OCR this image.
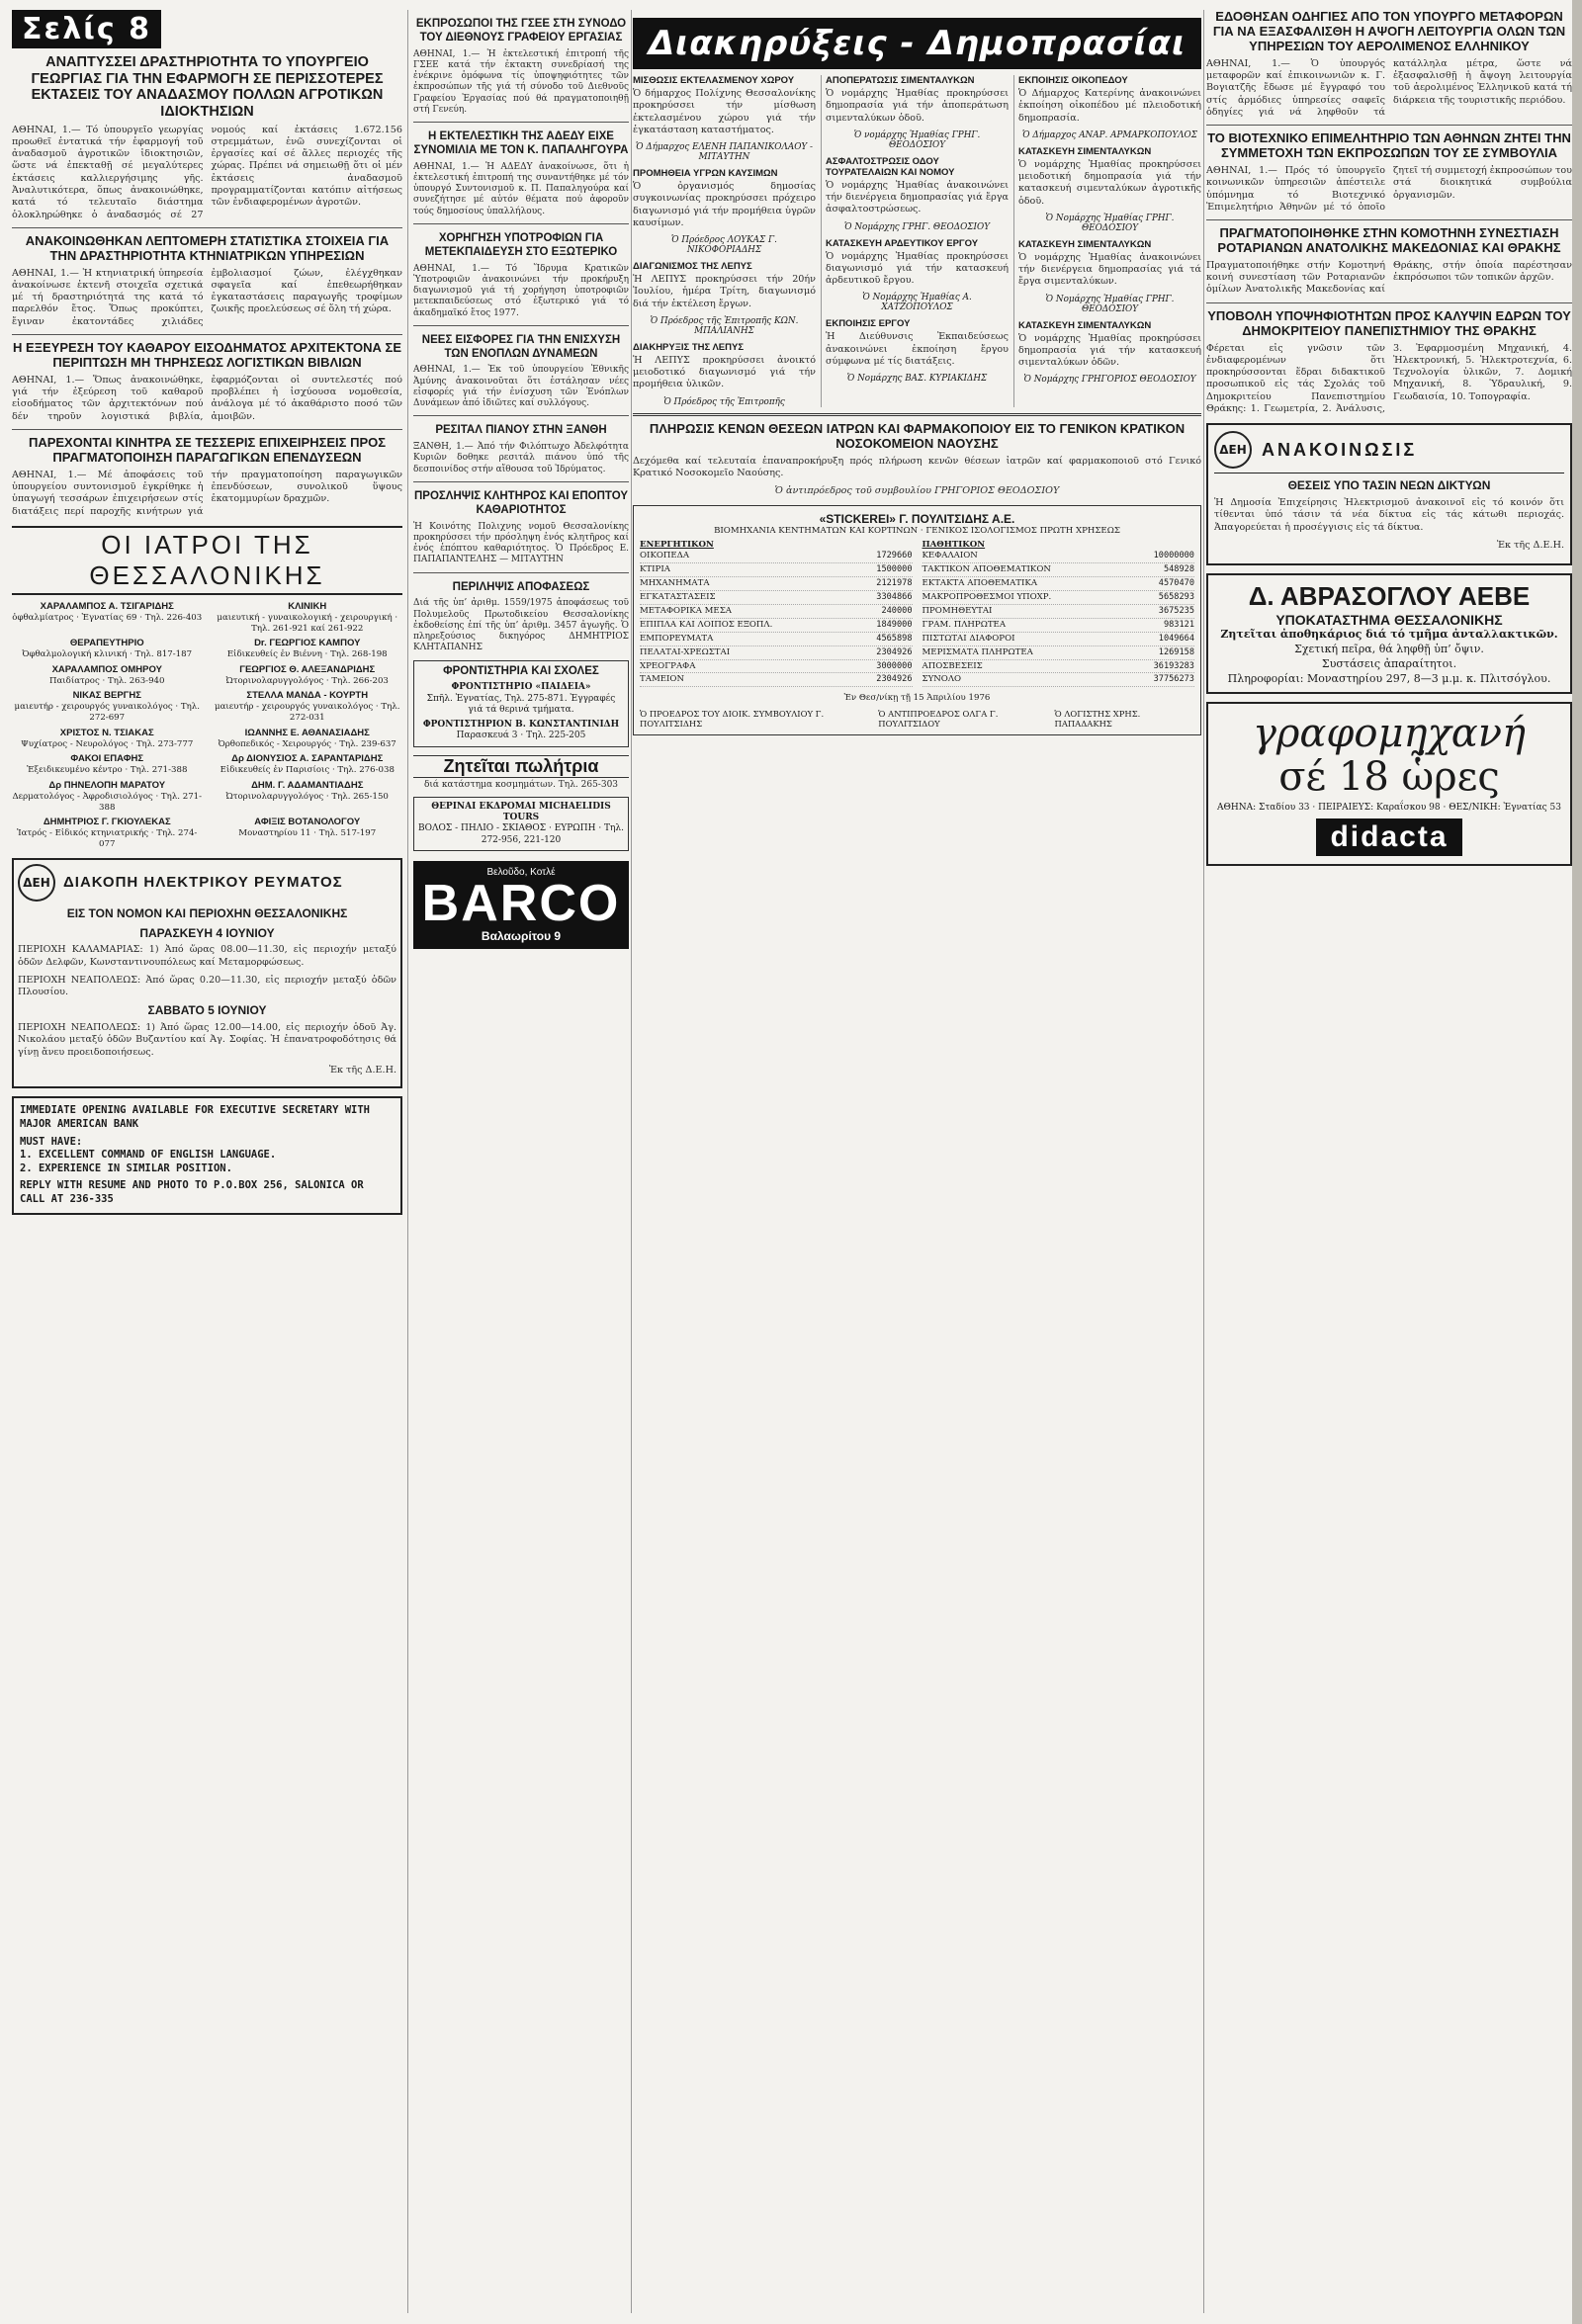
Σελίς 8
ΑΝΑΠΤΥΣΣΕΙ ΔΡΑΣΤΗΡΙΟΤΗΤΑ ΤΟ ΥΠΟΥΡΓΕΙΟ ΓΕΩΡΓΙΑΣ ΓΙΑ ΤΗΝ ΕΦΑΡΜΟΓΗ ΣΕ ΠΕΡΙΣΣΟΤΕΡΕΣ ΕΚΤΑΣΕΙΣ ΤΟΥ ΑΝΑΔΑΣΜΟΥ ΠΟΛΛΩΝ ΑΓΡΟΤΙΚΩΝ ΙΔΙΟΚΤΗΣΙΩΝ
ΑΘΗΝΑΙ, 1.— Τό ὑπουργεῖο γεωργίας προωθεῖ ἐντατικά τήν ἐφαρμογή τοῦ ἀναδασμοῦ ἀγροτικῶν ἰδιοκτησιῶν, ὥστε νά ἐπεκταθῇ σέ μεγαλύτερες ἐκτάσεις καλλιεργήσιμης γῆς. Ἀναλυτικότερα, ὅπως ἀνακοινώθηκε, κατά τό τελευταῖο διάστημα ὁλοκληρώθηκε ὁ ἀναδασμός σέ 27 νομούς καί ἐκτάσεις 1.672.156 στρεμμάτων, ἐνῶ συνεχίζονται οἱ ἐργασίες καί σέ ἄλλες περιοχές τῆς χώρας. Πρέπει νά σημειωθῇ ὅτι οἱ μέν ἐκτάσεις ἀναδασμοῦ προγραμματίζονται κατόπιν αἰτήσεως τῶν ἐνδιαφερομένων ἀγροτῶν.
ΑΝΑΚΟΙΝΩΘΗΚΑΝ ΛΕΠΤΟΜΕΡΗ ΣΤΑΤΙΣΤΙΚΑ ΣΤΟΙΧΕΙΑ ΓΙΑ ΤΗΝ ΔΡΑΣΤΗΡΙΟΤΗΤΑ ΚΤΗΝΙΑΤΡΙΚΩΝ ΥΠΗΡΕΣΙΩΝ
ΑΘΗΝΑΙ, 1.— Ἡ κτηνιατρική ὑπηρεσία ἀνακοίνωσε ἐκτενῆ στοιχεῖα σχετικά μέ τή δραστηριότητά της κατά τό παρελθόν ἔτος. Ὅπως προκύπτει, ἔγιναν ἐκατοντάδες χιλιάδες ἐμβολιασμοί ζώων, ἐλέγχθηκαν σφαγεῖα καί ἐπεθεωρήθηκαν ἐγκαταστάσεις παραγωγῆς τροφίμων ζωικῆς προελεύσεως σέ ὅλη τή χώρα.
Η ΕΞΕΥΡΕΣΗ ΤΟΥ ΚΑΘΑΡΟΥ ΕΙΣΟΔΗΜΑΤΟΣ ΑΡΧΙΤΕΚΤΟΝΑ ΣΕ ΠΕΡΙΠΤΩΣΗ ΜΗ ΤΗΡΗΣΕΩΣ ΛΟΓΙΣΤΙΚΩΝ ΒΙΒΛΙΩΝ
ΑΘΗΝΑΙ, 1.— Ὅπως ἀνακοινώθηκε, γιά τήν ἐξεύρεση τοῦ καθαροῦ εἰσοδήματος τῶν ἀρχιτεκτόνων πού δέν τηροῦν λογιστικά βιβλία, ἐφαρμόζονται οἱ συντελεστές πού προβλέπει ἡ ἰσχύουσα νομοθεσία, ἀνάλογα μέ τό ἀκαθάριστο ποσό τῶν ἀμοιβῶν.
ΠΑΡΕΧΟΝΤΑΙ ΚΙΝΗΤΡΑ ΣΕ ΤΕΣΣΕΡΙΣ ΕΠΙΧΕΙΡΗΣΕΙΣ ΠΡΟΣ ΠΡΑΓΜΑΤΟΠΟΙΗΣΗ ΠΑΡΑΓΩΓΙΚΩΝ ΕΠΕΝΔΥΣΕΩΝ
ΑΘΗΝΑΙ, 1.— Μέ ἀποφάσεις τοῦ ὑπουργείου συντονισμοῦ ἐγκρίθηκε ἡ ὑπαγωγή τεσσάρων ἐπιχειρήσεων στίς διατάξεις περί παροχῆς κινήτρων γιά τήν πραγματοποίηση παραγωγικῶν ἐπενδύσεων, συνολικοῦ ὕψους ἑκατομμυρίων δραχμῶν.
ΟΙ ΙΑΤΡΟΙ ΤΗΣ ΘΕΣΣΑΛΟΝΙΚΗΣ
ΧΑΡΑΛΑΜΠΟΣ Α. ΤΣΙΓΑΡΙΔΗΣ
ὀφθαλμίατρος · Ἐγνατίας 69 · Τηλ. 226-403
ΚΛΙΝΙΚΗ
μαιευτική - γυναικολογική - χειρουργική · Τηλ. 261-921 καί 261-922
ΘΕΡΑΠΕΥΤΗΡΙΟ
Ὀφθαλμολογική κλινική · Τηλ. 817-187
Dr. ΓΕΩΡΓΙΟΣ ΚΑΜΠΟΥ
Εἰδικευθείς ἐν Βιέννη · Τηλ. 268-198
ΧΑΡΑΛΑΜΠΟΣ ΟΜΗΡΟΥ
Παιδίατρος · Τηλ. 263-940
ΓΕΩΡΓΙΟΣ Θ. ΑΛΕΞΑΝΔΡΙΔΗΣ
Ὠτορινολαρυγγολόγος · Τηλ. 266-203
ΝΙΚΑΣ ΒΕΡΓΗΣ
μαιευτήρ - χειρουργός γυναικολόγος · Τηλ. 272-697
ΣΤΕΛΛΑ ΜΑΝΔΑ - ΚΟΥΡΤΗ
μαιευτήρ - χειρουργός γυναικολόγος · Τηλ. 272-031
ΧΡΙΣΤΟΣ Ν. ΤΣΙΑΚΑΣ
Ψυχίατρος - Νευρολόγος · Τηλ. 273-777
ΙΩΑΝΝΗΣ Ε. ΑΘΑΝΑΣΙΑΔΗΣ
Ὀρθοπεδικός - Χειρουργός · Τηλ. 239-637
ΦΑΚΟΙ ΕΠΑΦΗΣ
Ἐξειδικευμένο κέντρο · Τηλ. 271-388
Δρ ΔΙΟΝΥΣΙΟΣ Α. ΣΑΡΑΝΤΑΡΙΔΗΣ
Εἰδικευθείς ἐν Παρισίοις · Τηλ. 276-038
Δρ ΠΗΝΕΛΟΠΗ ΜΑΡΑΤΟΥ
Δερματολόγος - Ἀφροδισιολόγος · Τηλ. 271-388
ΔΗΜ. Γ. ΑΔΑΜΑΝΤΙΑΔΗΣ
Ὠτορινολαρυγγολόγος · Τηλ. 265-150
ΔΗΜΗΤΡΙΟΣ Γ. ΓΚΙΟΥΛΕΚΑΣ
Ἰατρός - Εἰδικός κτηνιατρικής · Τηλ. 274-077
ΑΦΙΞΙΣ ΒΟΤΑΝΟΛΟΓΟΥ
Μοναστηρίου 11 · Τηλ. 517-197
ΔΕΗ ΔΙΑΚΟΠΗ ΗΛΕΚΤΡΙΚΟΥ ΡΕΥΜΑΤΟΣ
ΕΙΣ ΤΟΝ ΝΟΜΟΝ ΚΑΙ ΠΕΡΙΟΧΗΝ ΘΕΣΣΑΛΟΝΙΚΗΣ
ΠΑΡΑΣΚΕΥΗ 4 ΙΟΥΝΙΟΥ
ΠΕΡΙΟΧΗ ΚΑΛΑΜΑΡΙΑΣ: 1) Ἀπό ὥρας 08.00—11.30, εἰς περιοχήν μεταξύ ὁδῶν Δελφῶν, Κωνσταντινουπόλεως καί Μεταμορφώσεως.
ΠΕΡΙΟΧΗ ΝΕΑΠΟΛΕΩΣ: Ἀπό ὥρας 0.20—11.30, εἰς περιοχήν μεταξύ ὁδῶν Πλουσίου.
ΣΑΒΒΑΤΟ 5 ΙΟΥΝΙΟΥ
ΠΕΡΙΟΧΗ ΝΕΑΠΟΛΕΩΣ: 1) Ἀπό ὥρας 12.00—14.00, εἰς περιοχήν ὁδοῦ Ἀγ. Νικολάου μεταξύ ὁδῶν Βυζαντίου καί Ἀγ. Σοφίας. Ἡ ἐπανατροφοδότησις θά γίνῃ ἄνευ προειδοποιήσεως.
Ἐκ τῆς Δ.Ε.Η.
IMMEDIATE OPENING AVAILABLE FOR EXECUTIVE SECRETARY WITH MAJOR AMERICAN BANK
MUST HAVE:
1. EXCELLENT COMMAND OF ENGLISH LANGUAGE.
2. EXPERIENCE IN SIMILAR POSITION.
REPLY WITH RESUME AND PHOTO TO P.O.BOX 256, SALONICA OR CALL AT 236-335
ΕΚΠΡΟΣΩΠΟΙ ΤΗΣ ΓΣΕΕ ΣΤΗ ΣΥΝΟΔΟ ΤΟΥ ΔΙΕΘΝΟΥΣ ΓΡΑΦΕΙΟΥ ΕΡΓΑΣΙΑΣ
ΑΘΗΝΑΙ, 1.— Ἡ ἐκτελεστική ἐπιτροπή τῆς ΓΣΕΕ κατά τήν ἐκτακτη συνεδρίασή της ἐνέκρινε ὁμόφωνα τίς ὑποψηφιότητες τῶν ἐκπροσώπων τῆς γιά τή σύνοδο τοῦ Διεθνοῦς Γραφείου Ἐργασίας πού θά πραγματοποιηθῇ στή Γενεύη.
Η ΕΚΤΕΛΕΣΤΙΚΗ ΤΗΣ ΑΔΕΔΥ ΕΙΧΕ ΣΥΝΟΜΙΛΙΑ ΜΕ ΤΟΝ Κ. ΠΑΠΑΛΗΓΟΥΡΑ
ΑΘΗΝΑΙ, 1.— Ἡ ΑΔΕΔΥ ἀνακοίνωσε, ὅτι ἡ ἐκτελεστική ἐπιτροπή της συναντήθηκε μέ τόν ὑπουργό Συντονισμοῦ κ. Π. Παπαληγούρα καί συνεζήτησε μέ αὐτόν θέματα πού ἀφοροῦν τούς δημοσίους ὑπαλλήλους.
ΧΟΡΗΓΗΣΗ ΥΠΟΤΡΟΦΙΩΝ ΓΙΑ ΜΕΤΕΚΠΑΙΔΕΥΣΗ ΣΤΟ ΕΞΩΤΕΡΙΚΟ
ΑΘΗΝΑΙ, 1.— Τό Ἵδρυμα Κρατικῶν Ὑποτροφιῶν ἀνακοινώνει τήν προκήρυξη διαγωνισμοῦ γιά τή χορήγηση ὑποτροφιῶν μετεκπαιδεύσεως στό ἐξωτερικό γιά τό ἀκαδημαϊκό ἔτος 1977.
ΝΕΕΣ ΕΙΣΦΟΡΕΣ ΓΙΑ ΤΗΝ ΕΝΙΣΧΥΣΗ ΤΩΝ ΕΝΟΠΛΩΝ ΔΥΝΑΜΕΩΝ
ΑΘΗΝΑΙ, 1.— Ἐκ τοῦ ὑπουργείου Ἐθνικῆς Ἀμύνης ἀνακοινοῦται ὅτι ἐστάλησαν νέες εἰσφορές γιά τήν ἐνίσχυση τῶν Ἐνόπλων Δυνάμεων ἀπό ἰδιῶτες καί συλλόγους.
ΡΕΣΙΤΑΛ ΠΙΑΝΟΥ ΣΤΗΝ ΞΑΝΘΗ
ΞΑΝΘΗ, 1.— Ἀπό τήν Φιλόπτωχο Ἀδελφότητα Κυριῶν δοθηκε ρεσιτάλ πιάνου ὑπό τῆς δεσποινίδος στήν αἴθουσα τοῦ Ἰδρύματος.
ΠΡΟΣΛΗΨΙΣ ΚΛΗΤΗΡΟΣ ΚΑΙ ΕΠΟΠΤΟΥ ΚΑΘΑΡΙΟΤΗΤΟΣ
Ἡ Κοινότης Πολιχνης νομοῦ Θεσσαλονίκης προκηρύσσει τήν πρόσληψη ἑνός κλητῆρος καί ἑνός ἐπόπτου καθαριότητος. Ὁ Πρόεδρος Ε. ΠΑΠΑΠΑΝΤΕΛΗΣ — ΜΙΤΑΥΤΗΝ
ΠΕΡΙΛΗΨΙΣ ΑΠΟΦΑΣΕΩΣ
Διά τῆς ὑπ’ ἀριθμ. 1559/1975 ἀποφάσεως τοῦ Πολυμελοῦς Πρωτοδικείου Θεσσαλονίκης ἐκδοθείσης ἐπί τῆς ὑπ’ ἀριθμ. 3457 ἀγωγῆς. Ὁ πληρεξούσιος δικηγόρος ΔΗΜΗΤΡΙΟΣ ΚΛΗΤΑΠΑΝΗΣ
ΦΡΟΝΤΙΣΤΗΡΙΑ ΚΑΙ ΣΧΟΛΕΣ
ΦΡΟΝΤΙΣΤΗΡΙΟ «ΠΑΙΔΕΙΑ»
Σπῆλ. Ἑγνατίας, Τηλ. 275-871. Ἐγγραφές γιά τά θερινά τμήματα.
ΦΡΟΝΤΙΣΤΗΡΙΟΝ Β. ΚΩΝΣΤΑΝΤΙΝΙΔΗ
Παρασκευά 3 · Τηλ. 225-205
Ζητεῖται πωλήτρια
διά κατάστημα κοσμημάτων. Τηλ. 265-303
ΘΕΡΙΝΑΙ ΕΚΔΡΟΜΑΙ MICHAELIDIS TOURS
ΒΟΛΟΣ - ΠΗΛΙΟ - ΣΚΙΑΘΟΣ · ΕΥΡΩΠΗ · Τηλ. 272-956, 221-120
Βελοῦδο, Κοτλέ
BARCO
Βαλαωρίτου 9
Διακηρύξεις - Δημοπρασίαι
ΜΙΣΘΩΣΙΣ ΕΚΤΕΛΑΣΜΕΝΟΥ ΧΩΡΟΥ
Ὁ δήμαρχος Πολίχνης Θεσσαλονίκης προκηρύσσει τήν μίσθωση ἐκτελασμένου χώρου γιά τήν ἐγκατάσταση καταστήματος.
Ὁ Δήμαρχος ΕΛΕΝΗ ΠΑΠΑΝΙΚΟΛΑΟΥ - ΜΙΤΑΥΤΗΝ
ΠΡΟΜΗΘΕΙΑ ΥΓΡΩΝ ΚΑΥΣΙΜΩΝ
Ὁ ὀργανισμός δημοσίας συγκοινωνίας προκηρύσσει πρόχειρο διαγωνισμό γιά τήν προμήθεια ὑγρῶν καυσίμων.
Ὁ Πρόεδρος ΛΟΥΚΑΣ Γ. ΝΙΚΟΦΟΡΙΑΔΗΣ
ΔΙΑΓΩΝΙΣΜΟΣ ΤΗΣ ΛΕΠΥΣ
Ἡ ΛΕΠΥΣ προκηρύσσει τήν 20ήν Ἰουλίου, ἡμέρα Τρίτη, διαγωνισμό διά τήν ἐκτέλεση ἔργων.
Ὁ Πρόεδρος τῆς Ἐπιτροπῆς ΚΩΝ. ΜΠΑΛΙΑΝΗΣ
ΔΙΑΚΗΡΥΞΙΣ ΤΗΣ ΛΕΠΥΣ
Ἡ ΛΕΠΥΣ προκηρύσσει ἀνοικτό μειοδοτικό διαγωνισμό γιά τήν προμήθεια ὑλικῶν.
Ὁ Πρόεδρος τῆς Ἐπιτροπῆς
ΑΠΟΠΕΡΑΤΩΣΙΣ ΣΙΜΕΝΤΑΛΥΚΩΝ
Ὁ νομάρχης Ἠμαθίας προκηρύσσει δημοπρασία γιά τήν ἀποπεράτωση σιμενταλύκων ὁδοῦ.
Ὁ νομάρχης Ἠμαθίας ΓΡΗΓ. ΘΕΟΔΟΣΙΟΥ
ΑΣΦΑΛΤΟΣΤΡΩΣΙΣ ΟΔΟΥ ΤΟΥΡΑΤΕΛΑΙΩΝ ΚΑΙ ΝΟΜΟΥ
Ὁ νομάρχης Ἠμαθίας ἀνακοινώνει τήν διενέργεια δημοπρασίας γιά ἔργα ἀσφαλτοστρώσεως.
Ὁ Νομάρχης ΓΡΗΓ. ΘΕΟΔΟΣΙΟΥ
ΚΑΤΑΣΚΕΥΗ ΑΡΔΕΥΤΙΚΟΥ ΕΡΓΟΥ
Ὁ νομάρχης Ἠμαθίας προκηρύσσει διαγωνισμό γιά τήν κατασκευή ἀρδευτικοῦ ἔργου.
Ὁ Νομάρχης Ἠμαθίας Α. ΧΑΤΖΟΠΟΥΛΟΣ
ΕΚΠΟΙΗΣΙΣ ΕΡΓΟΥ
Ἡ Διεύθυνσις Ἐκπαιδεύσεως ἀνακοινώνει ἐκποίηση ἔργου σύμφωνα μέ τίς διατάξεις.
Ὁ Νομάρχης ΒΑΣ. ΚΥΡΙΑΚΙΔΗΣ
ΕΚΠΟΙΗΣΙΣ ΟΙΚΟΠΕΔΟΥ
Ὁ Δήμαρχος Κατερίνης ἀνακοινώνει ἐκποίηση οἰκοπέδου μέ πλειοδοτική δημοπρασία.
Ὁ Δήμαρχος ΑΝΑΡ. ΑΡΜΑΡΚΟΠΟΥΛΟΣ
ΚΑΤΑΣΚΕΥΗ ΣΙΜΕΝΤΑΛΥΚΩΝ
Ὁ νομάρχης Ἠμαθίας προκηρύσσει μειοδοτική δημοπρασία γιά τήν κατασκευή σιμενταλύκων ἀγροτικῆς ὁδοῦ.
Ὁ Νομάρχης Ἠμαθίας ΓΡΗΓ. ΘΕΟΔΟΣΙΟΥ
ΚΑΤΑΣΚΕΥΗ ΣΙΜΕΝΤΑΛΥΚΩΝ
Ὁ νομάρχης Ἠμαθίας ἀνακοινώνει τήν διενέργεια δημοπρασίας γιά τά ἔργα σιμενταλύκων.
Ὁ Νομάρχης Ἠμαθίας ΓΡΗΓ. ΘΕΟΔΟΣΙΟΥ
ΚΑΤΑΣΚΕΥΗ ΣΙΜΕΝΤΑΛΥΚΩΝ
Ὁ νομάρχης Ἠμαθίας προκηρύσσει δημοπρασία γιά τήν κατασκευή σιμενταλύκων ὁδῶν.
Ὁ Νομάρχης ΓΡΗΓΟΡΙΟΣ ΘΕΟΔΟΣΙΟΥ
ΠΛΗΡΩΣΙΣ ΚΕΝΩΝ ΘΕΣΕΩΝ ΙΑΤΡΩΝ ΚΑΙ ΦΑΡΜΑΚΟΠΟΙΟΥ ΕΙΣ ΤΟ ΓΕΝΙΚΟΝ ΚΡΑΤΙΚΟΝ ΝΟΣΟΚΟΜΕΙΟΝ ΝΑΟΥΣΗΣ
Δεχόμεθα καί τελευταία ἐπαναπροκήρυξη πρός πλήρωση κενῶν θέσεων ἰατρῶν καί φαρμακοποιοῦ στό Γενικό Κρατικό Νοσοκομεῖο Ναούσης.
Ὁ ἀντιπρόεδρος τοῦ συμβουλίου ΓΡΗΓΟΡΙΟΣ ΘΕΟΔΟΣΙΟΥ
«STICKEREI» Γ. ΠΟΥΛΙΤΣΙΔΗΣ Α.Ε.
ΒΙΟΜΗΧΑΝΙΑ ΚΕΝΤΗΜΑΤΩΝ ΚΑΙ ΚΟΡΤΙΝΩΝ · ΓΕΝΙΚΟΣ ΙΣΟΛΟΓΙΣΜΟΣ ΠΡΩΤΗ ΧΡΗΣΕΩΣ
ΕΝΕΡΓΗΤΙΚΟΝ
ΟΙΚΟΠΕΔΑ	1729660
ΚΤΙΡΙΑ	1500000
ΜΗΧΑΝΗΜΑΤΑ	2121978
ΕΓΚΑΤΑΣΤΑΣΕΙΣ	3304866
ΜΕΤΑΦΟΡΙΚΑ ΜΕΣΑ	240000
ΕΠΙΠΛΑ ΚΑΙ ΛΟΙΠΟΣ ΕΞΟΠΛ.	1849000
ΕΜΠΟΡΕΥΜΑΤΑ	4565898
ΠΕΛΑΤΑΙ-ΧΡΕΩΣΤΑΙ	2304926
ΧΡΕΟΓΡΑΦΑ	3000000
ΤΑΜΕΙΟΝ	2304926
ΠΑΘΗΤΙΚΟΝ
ΚΕΦΑΛΑΙΟΝ	10000000
ΤΑΚΤΙΚΟΝ ΑΠΟΘΕΜΑΤΙΚΟΝ	548928
ΕΚΤΑΚΤΑ ΑΠΟΘΕΜΑΤΙΚΑ	4570470
ΜΑΚΡΟΠΡΟΘΕΣΜΟΙ ΥΠΟΧΡ.	5658293
ΠΡΟΜΗΘΕΥΤΑΙ	3675235
ΓΡΑΜ. ΠΛΗΡΩΤΕΑ	983121
ΠΙΣΤΩΤΑΙ ΔΙΑΦΟΡΟΙ	1049664
ΜΕΡΙΣΜΑΤΑ ΠΛΗΡΩΤΕΑ	1269158
ΑΠΟΣΒΕΣΕΙΣ	36193283
ΣΥΝΟΛΟ	37756273
Ἐν Θεσ/νίκῃ τῇ 15 Ἀπριλίου 1976
Ὁ ΠΡΟΕΔΡΟΣ ΤΟΥ ΔΙΟΙΚ. ΣΥΜΒΟΥΛΙΟΥ Γ. ΠΟΥΛΙΤΣΙΔΗΣ
Ὁ ΑΝΤΙΠΡΟΕΔΡΟΣ ΟΛΓΑ Γ. ΠΟΥΛΙΤΣΙΔΟΥ
Ὁ ΛΟΓΙΣΤΗΣ ΧΡΗΣ. ΠΑΠΑΔΑΚΗΣ
ΕΔΟΘΗΣΑΝ ΟΔΗΓΙΕΣ ΑΠΟ ΤΟΝ ΥΠΟΥΡΓΟ ΜΕΤΑΦΟΡΩΝ ΓΙΑ ΝΑ ΕΞΑΣΦΑΛΙΣΘΗ Η ΑΨΟΓΗ ΛΕΙΤΟΥΡΓΙΑ ΟΛΩΝ ΤΩΝ ΥΠΗΡΕΣΙΩΝ ΤΟΥ ΑΕΡΟΛΙΜΕΝΟΣ ΕΛΛΗΝΙΚΟΥ
ΑΘΗΝΑΙ, 1.— Ὁ ὑπουργός μεταφορῶν καί ἐπικοινωνιῶν κ. Γ. Βογιατζῆς ἔδωσε μέ ἔγγραφό του στίς ἁρμόδιες ὑπηρεσίες σαφεῖς ὁδηγίες γιά νά ληφθοῦν τά κατάλληλα μέτρα, ὥστε νά ἐξασφαλισθῇ ἡ ἄψογη λειτουργία τοῦ ἀερολιμένος Ἑλληνικοῦ κατά τή διάρκεια τῆς τουριστικῆς περιόδου.
ΤΟ ΒΙΟΤΕΧΝΙΚΟ ΕΠΙΜΕΛΗΤΗΡΙΟ ΤΩΝ ΑΘΗΝΩΝ ΖΗΤΕΙ ΤΗΝ ΣΥΜΜΕΤΟΧΗ ΤΩΝ ΕΚΠΡΟΣΩΠΩΝ ΤΟΥ ΣΕ ΣΥΜΒΟΥΛΙΑ
ΑΘΗΝΑΙ, 1.— Πρός τό ὑπουργεῖο κοινωνικῶν ὑπηρεσιῶν ἀπέστειλε ὑπόμνημα τό Βιοτεχνικό Ἐπιμελητήριο Ἀθηνῶν μέ τό ὁποῖο ζητεῖ τή συμμετοχή ἐκπροσώπων του στά διοικητικά συμβούλια ὀργανισμῶν.
ΠΡΑΓΜΑΤΟΠΟΙΗΘΗΚΕ ΣΤΗΝ ΚΟΜΟΤΗΝΗ ΣΥΝΕΣΤΙΑΣΗ ΡΟΤΑΡΙΑΝΩΝ ΑΝΑΤΟΛΙΚΗΣ ΜΑΚΕΔΟΝΙΑΣ ΚΑΙ ΘΡΑΚΗΣ
Πραγματοποιήθηκε στήν Κομοτηνή κοινή συνεστίαση τῶν Ροταριανῶν ὁμίλων Ἀνατολικῆς Μακεδονίας καί Θράκης, στήν ὁποία παρέστησαν ἐκπρόσωποι τῶν τοπικῶν ἀρχῶν.
ΥΠΟΒΟΛΗ ΥΠΟΨΗΦΙΟΤΗΤΩΝ ΠΡΟΣ ΚΑΛΥΨΙΝ ΕΔΡΩΝ ΤΟΥ ΔΗΜΟΚΡΙΤΕΙΟΥ ΠΑΝΕΠΙΣΤΗΜΙΟΥ ΤΗΣ ΘΡΑΚΗΣ
Φέρεται εἰς γνῶσιν τῶν ἐνδιαφερομένων ὅτι προκηρύσσονται ἕδραι διδακτικοῦ προσωπικοῦ εἰς τάς Σχολάς τοῦ Δημοκριτείου Πανεπιστημίου Θράκης: 1. Γεωμετρία, 2. Ἀνάλυσις, 3. Ἐφαρμοσμένη Μηχανική, 4. Ἠλεκτρονική, 5. Ἠλεκτροτεχνία, 6. Τεχνολογία ὑλικῶν, 7. Δομική Μηχανική, 8. Ὑδραυλική, 9. Γεωδαισία, 10. Τοπογραφία.
ΔΕΗ ΑΝΑΚΟΙΝΩΣΙΣ
ΘΕΣΕΙΣ ΥΠΟ ΤΑΣΙΝ ΝΕΩΝ ΔΙΚΤΥΩΝ
Ἡ Δημοσία Ἐπιχείρησις Ἠλεκτρισμοῦ ἀνακοινοῖ εἰς τό κοινόν ὅτι τίθενται ὑπό τάσιν τά νέα δίκτυα εἰς τάς κάτωθι περιοχάς. Ἀπαγορεύεται ἡ προσέγγισις εἰς τά δίκτυα.
Ἐκ τῆς Δ.Ε.Η.
Δ. ΑΒΡΑΣΟΓΛΟΥ ΑΕΒΕ
ΥΠΟΚΑΤΑΣΤΗΜΑ ΘΕΣΣΑΛΟΝΙΚΗΣ
Ζητεῖται ἀποθηκάριος διά τό τμῆμα ἀνταλλακτικῶν.
Σχετική πεῖρα, θά ληφθῇ ὑπ’ ὄψιν.
Συστάσεις ἀπαραίτητοι.
Πληροφορίαι: Μοναστηρίου 297, 8—3 μ.μ. κ. Πλιτσόγλου.
γραφομηχανή
σέ 18 ὧρες
ΑΘΗΝΑ: Σταδίου 33 · ΠΕΙΡΑΙΕΥΣ: Καραΐσκου 98 · ΘΕΣ/ΝΙΚΗ: Ἐγνατίας 53
didacta
